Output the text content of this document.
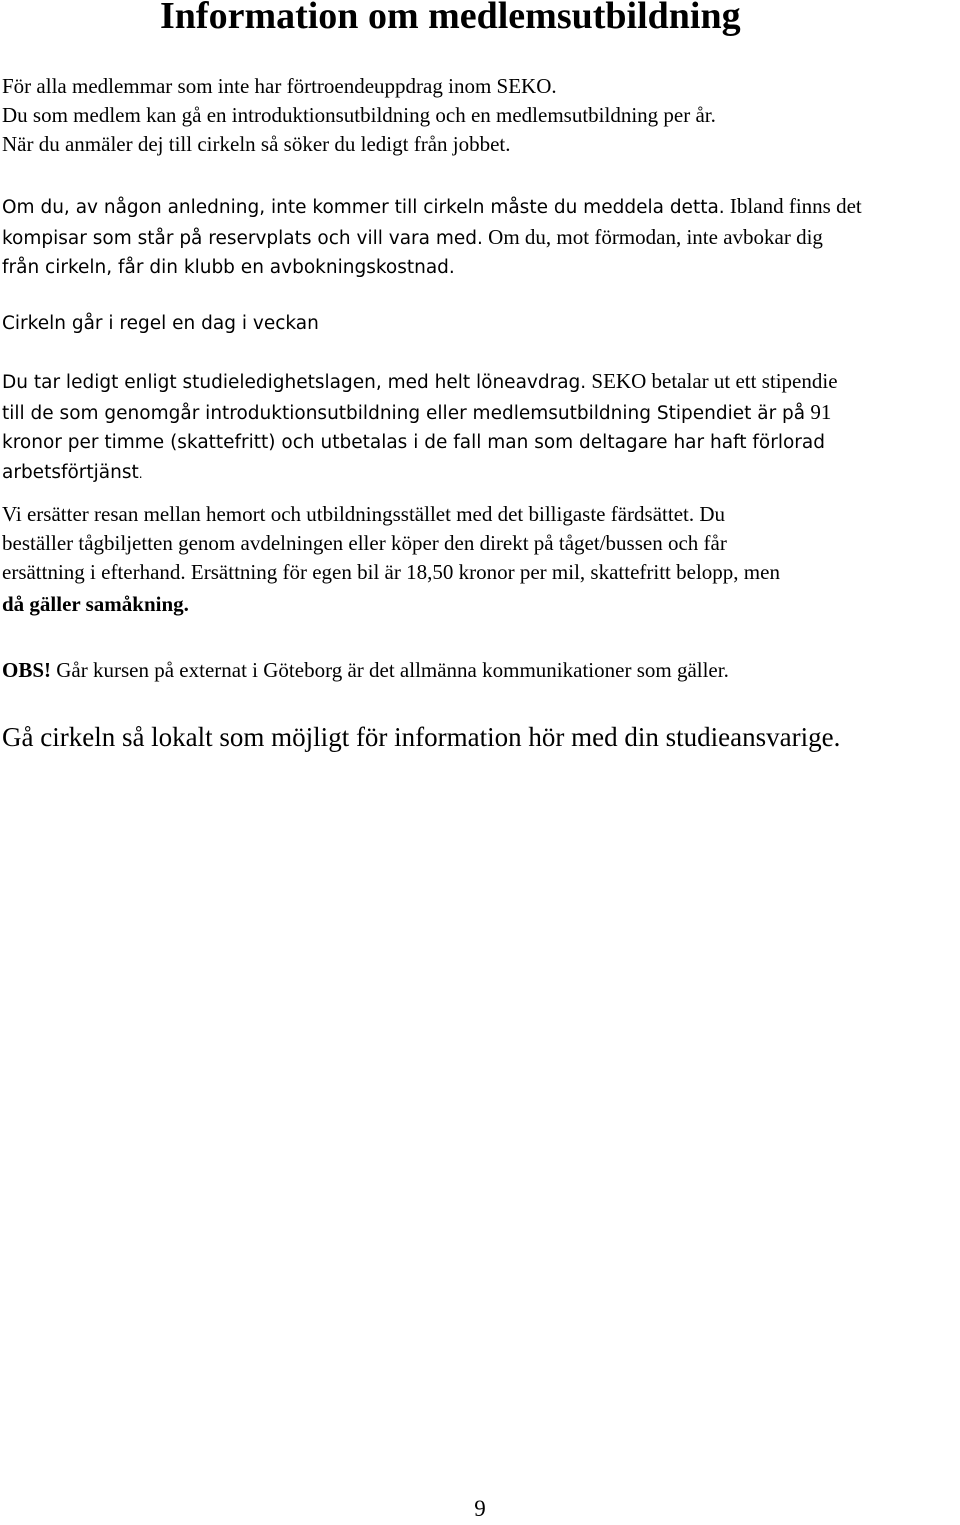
Information om medlemsutbildning

För alla medlemmar som inte har förtroendeuppdrag inom SEKO.
Du som medlem kan gå en introduktionsutbildning och en medlemsutbildning per år.
När du anmäler dej till cirkeln så söker du ledigt från jobbet.

Om du, av någon anledning, inte kommer till cirkeln måste du meddela detta. Ibland finns det
kompisar som står på reservplats och vill vara med. Om du, mot förmodan, inte avbokar dig
från cirkeln, får din klubb en avbokningskostnad.

Cirkeln går i regel en dag i veckan

Du tar ledigt enligt studieledighetslagen, med helt löneavdrag. SEKO betalar ut ett stipendie
till de som genomgår introduktionsutbildning eller medlemsutbildning Stipendiet är på 91
kronor per timme (skattefritt) och utbetalas i de fall man som deltagare har haft förlorad
arbetsförtjänst.

Vi ersätter resan mellan hemort och utbildningsstället med det billigaste färdsättet. Du
beställer tågbiljetten genom avdelningen eller köper den direkt på tåget/bussen och får
ersättning i efterhand. Ersättning för egen bil är 18,50 kronor per mil, skattefritt belopp, men
då gäller samåkning.

OBS! Går kursen på externat i Göteborg är det allmänna kommunikationer som gäller.

Gå cirkeln så lokalt som möjligt för information hör med din studieansvarige.

9
